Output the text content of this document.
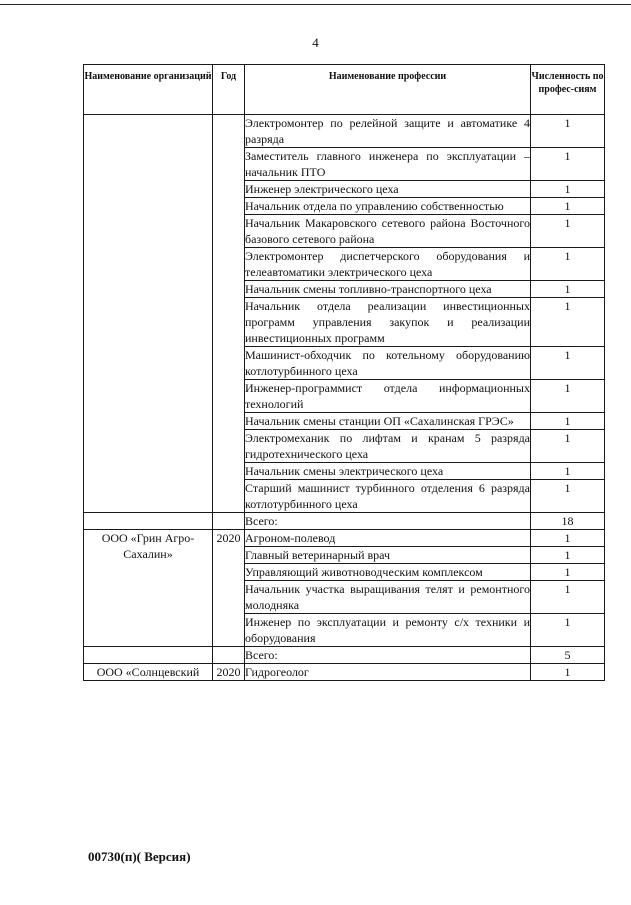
4
Наименование организаций	Год	Наименование профессии	Численность по профес-сиям
		Электромонтер по релейной защите и автоматике 4 разряда	1
		Заместитель главного инженера по эксплуатации – начальник ПТО	1
		Инженер электрического цеха	1
		Начальник отдела по управлению собственностью	1
		Начальник Макаровского сетевого района Восточного базового сетевого района	1
		Электромонтер диспетчерского оборудования и телеавтоматики электрического цеха	1
		Начальник смены топливно-транспортного цеха	1
		Начальник отдела реализации инвестиционных программ управления закупок и реализации инвестиционных программ	1
		Машинист-обходчик по котельному оборудованию котлотурбинного цеха	1
		Инженер-программист отдела информационных технологий	1
		Начальник смены станции ОП «Сахалинская ГРЭС»	1
		Электромеханик по лифтам и кранам 5 разряда гидротехнического цеха	1
		Начальник смены электрического цеха	1
		Старший машинист турбинного отделения 6 разряда котлотурбинного цеха	1
		Всего:	18
ООО «Грин Агро-Сахалин»	2020	Агроном-полевод	1
		Главный ветеринарный врач	1
		Управляющий животноводческим комплексом	1
		Начальник участка выращивания телят и ремонтного молодняка	1
		Инженер по эксплуатации и ремонту с/х техники и оборудования	1
		Всего:	5
ООО «Солнцевский	2020	Гидрогеолог	1
00730(п)( Версия)
